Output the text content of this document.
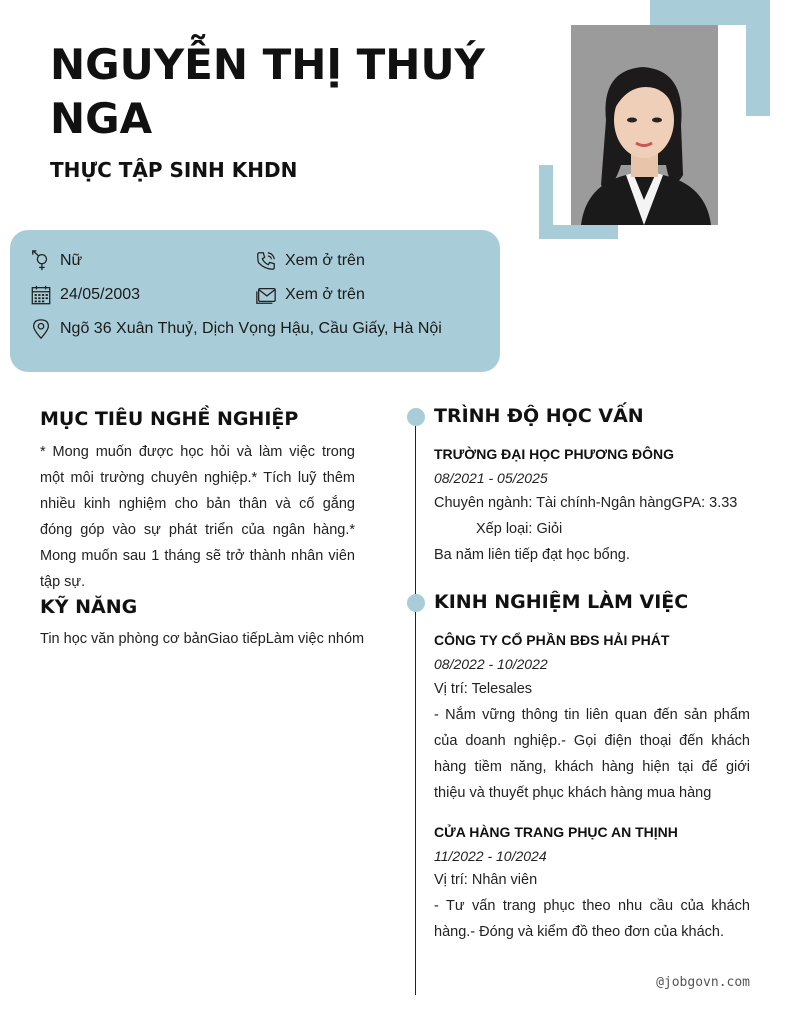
NGUYỄN THỊ THUÝ NGA
THỰC TẬP SINH KHDN
Nữ	Xem ở trên
24/05/2003	Xem ở trên
Ngõ 36 Xuân Thuỷ, Dịch Vọng Hậu, Cầu Giấy, Hà Nội
MỤC TIÊU NGHỀ NGHIỆP

* Mong muốn được học hỏi và làm việc trong một môi trường chuyên nghiệp.* Tích luỹ thêm nhiều kinh nghiệm cho bản thân và cố gắng đóng góp vào sự phát triển của ngân hàng.* Mong muốn sau 1 tháng sẽ trở thành nhân viên tập sự.

KỸ NĂNG

Tin học văn phòng cơ bảnGiao tiếpLàm việc nhóm

TRÌNH ĐỘ HỌC VẤN
TRƯỜNG ĐẠI HỌC PHƯƠNG ĐÔNG
08/2021 - 05/2025
Chuyên ngành: Tài chính-Ngân hàngGPA: 3.33
Xếp loại: Giỏi
Ba năm liên tiếp đạt học bổng.
KINH NGHIỆM LÀM VIỆC
CÔNG TY CỔ PHẦN BĐS HẢI PHÁT
08/2022 - 10/2022
Vị trí: Telesales

- Nắm vững thông tin liên quan đến sản phẩm của doanh nghiệp.- Gọi điện thoại đến khách hàng tiềm năng, khách hàng hiện tại để giới thiệu và thuyết phục khách hàng mua hàng

CỬA HÀNG TRANG PHỤC AN THỊNH
11/2022 - 10/2024
Vị trí: Nhân viên

- Tư vấn trang phục theo nhu cầu của khách hàng.- Đóng và kiểm đồ theo đơn của khách.

@jobgovn.com
